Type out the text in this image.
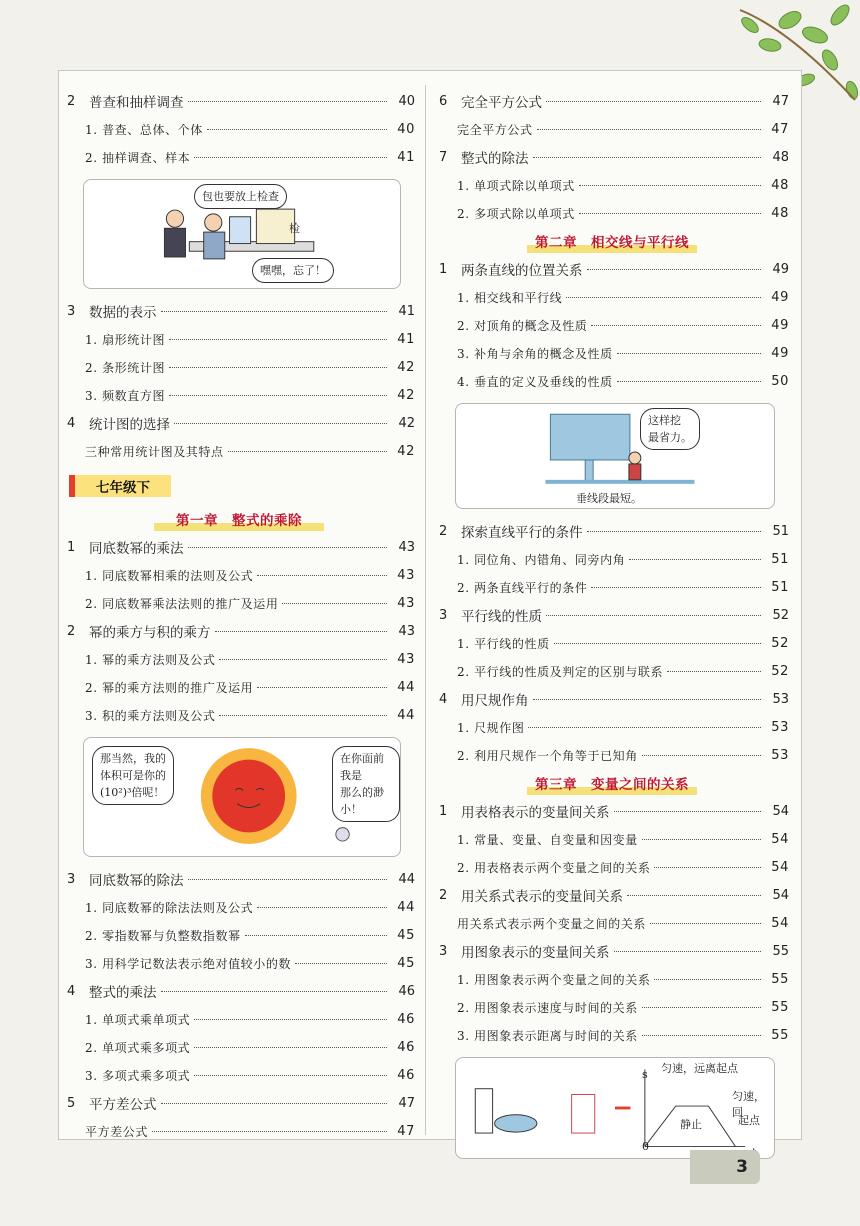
2	普查和抽样调查	40
1. 普查、总体、个体	40
2. 抽样调查、样本	41
包也要放上检查
嘿嘿，忘了！
检
3	数据的表示	41
1. 扇形统计图	41
2. 条形统计图	42
3. 频数直方图	42
4	统计图的选择	42
三种常用统计图及其特点	42
七年级下
第一章　整式的乘除
1	同底数幂的乘法	43
1. 同底数幂相乘的法则及公式	43
2. 同底数幂乘法法则的推广及运用	43
2	幂的乘方与积的乘方	43
1. 幂的乘方法则及公式	43
2. 幂的乘方法则的推广及运用	44
3. 积的乘方法则及公式	44
那当然，我的
体积可是你的
(10²)³倍呢！
在你面前我是
那么的渺小！
3	同底数幂的除法	44
1. 同底数幂的除法法则及公式	44
2. 零指数幂与负整数指数幂	45
3. 用科学记数法表示绝对值较小的数	45
4	整式的乘法	46
1. 单项式乘单项式	46
2. 单项式乘多项式	46
3. 多项式乘多项式	46
5	平方差公式	47
平方差公式	47
6	完全平方公式	47
完全平方公式	47
7	整式的除法	48
1. 单项式除以单项式	48
2. 多项式除以单项式	48
第二章　相交线与平行线
1	两条直线的位置关系	49
1. 相交线和平行线	49
2. 对顶角的概念及性质	49
3. 补角与余角的概念及性质	49
4. 垂直的定义及垂线的性质	50
这样挖
最省力。
垂线段最短。
2	探索直线平行的条件	51
1. 同位角、内错角、同旁内角	51
2. 两条直线平行的条件	51
3	平行线的性质	52
1. 平行线的性质	52
2. 平行线的性质及判定的区别与联系	52
4	用尺规作角	53
1. 尺规作图	53
2. 利用尺规作一个角等于已知角	53
第三章　变量之间的关系
1	用表格表示的变量间关系	54
1. 常量、变量、自变量和因变量	54
2. 用表格表示两个变量之间的关系	54
2	用关系式表示的变量间关系	54
用关系式表示两个变量之间的关系	54
3	用图象表示的变量间关系	55
1. 用图象表示两个变量之间的关系	55
2. 用图象表示速度与时间的关系	55
3. 用图象表示距离与时间的关系	55
匀速，远离起点
匀速，回
起点
静止
s
0
3
